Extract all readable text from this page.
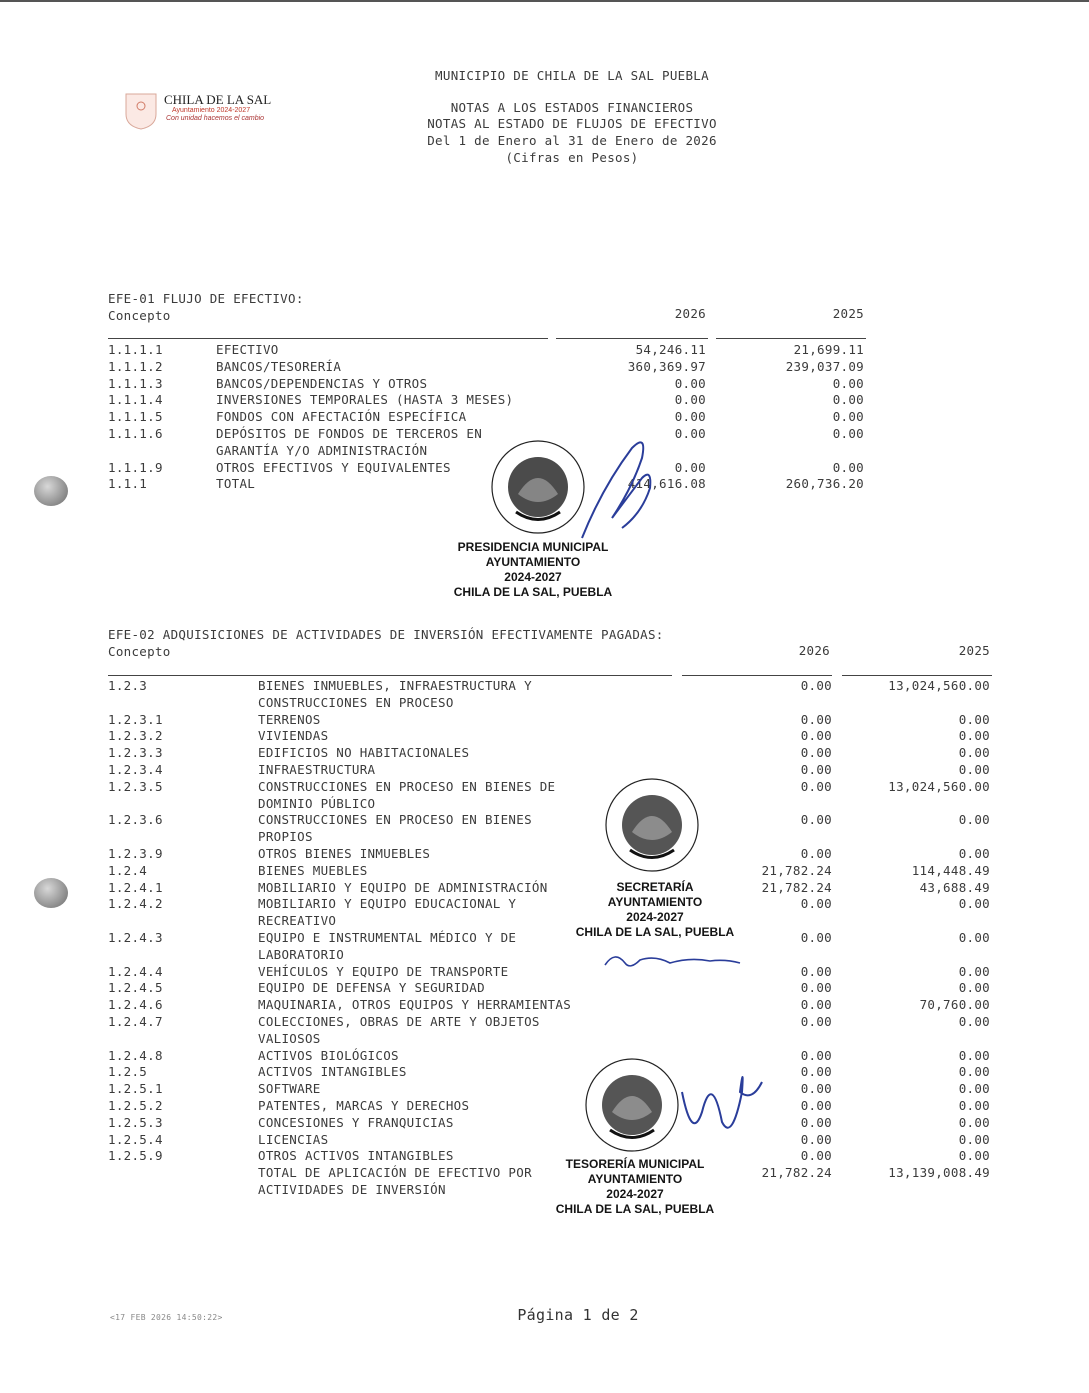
CHILA DE LA SAL
Ayuntamiento 2024-2027
Con unidad hacemos el cambio
MUNICIPIO DE CHILA DE LA SAL PUEBLA
NOTAS A LOS ESTADOS FINANCIEROS
NOTAS AL ESTADO DE FLUJOS DE EFECTIVO
Del 1 de Enero al 31 de Enero de 2026
(Cifras en Pesos)
EFE-01 FLUJO DE EFECTIVO:
Concepto	2026	2025
1.1.1.1	EFECTIVO	54,246.11	21,699.11
1.1.1.2	BANCOS/TESORERÍA	360,369.97	239,037.09
1.1.1.3	BANCOS/DEPENDENCIAS Y OTROS	0.00	0.00
1.1.1.4	INVERSIONES TEMPORALES (HASTA 3 MESES)	0.00	0.00
1.1.1.5	FONDOS CON AFECTACIÓN ESPECÍFICA	0.00	0.00
1.1.1.6	DEPÓSITOS DE FONDOS DE TERCEROS EN	0.00	0.00
GARANTÍA Y/O ADMINISTRACIÓN
1.1.1.9	OTROS EFECTIVOS Y EQUIVALENTES	0.00	0.00
1.1.1	TOTAL	414,616.08	260,736.20
PRESIDENCIA MUNICIPAL
AYUNTAMIENTO
2024-2027
CHILA DE LA SAL, PUEBLA
EFE-02 ADQUISICIONES DE ACTIVIDADES DE INVERSIÓN EFECTIVAMENTE PAGADAS:
Concepto	2026	2025
1.2.3	BIENES INMUEBLES, INFRAESTRUCTURA Y	0.00	13,024,560.00
CONSTRUCCIONES EN PROCESO
1.2.3.1	TERRENOS	0.00	0.00
1.2.3.2	VIVIENDAS	0.00	0.00
1.2.3.3	EDIFICIOS NO HABITACIONALES	0.00	0.00
1.2.3.4	INFRAESTRUCTURA	0.00	0.00
1.2.3.5	CONSTRUCCIONES EN PROCESO EN BIENES DE	0.00	13,024,560.00
DOMINIO PÚBLICO
1.2.3.6	CONSTRUCCIONES EN PROCESO EN BIENES	0.00	0.00
PROPIOS
1.2.3.9	OTROS BIENES INMUEBLES	0.00	0.00
1.2.4	BIENES MUEBLES	21,782.24	114,448.49
1.2.4.1	MOBILIARIO Y EQUIPO DE ADMINISTRACIÓN	21,782.24	43,688.49
1.2.4.2	MOBILIARIO Y EQUIPO EDUCACIONAL Y	0.00	0.00
RECREATIVO
1.2.4.3	EQUIPO E INSTRUMENTAL MÉDICO Y DE	0.00	0.00
LABORATORIO
1.2.4.4	VEHÍCULOS Y EQUIPO DE TRANSPORTE	0.00	0.00
1.2.4.5	EQUIPO DE DEFENSA Y SEGURIDAD	0.00	0.00
1.2.4.6	MAQUINARIA, OTROS EQUIPOS Y HERRAMIENTAS	0.00	70,760.00
1.2.4.7	COLECCIONES, OBRAS DE ARTE Y OBJETOS	0.00	0.00
VALIOSOS
1.2.4.8	ACTIVOS BIOLÓGICOS	0.00	0.00
1.2.5	ACTIVOS INTANGIBLES	0.00	0.00
1.2.5.1	SOFTWARE	0.00	0.00
1.2.5.2	PATENTES, MARCAS Y DERECHOS	0.00	0.00
1.2.5.3	CONCESIONES Y FRANQUICIAS	0.00	0.00
1.2.5.4	LICENCIAS	0.00	0.00
1.2.5.9	OTROS ACTIVOS INTANGIBLES	0.00	0.00
TOTAL DE APLICACIÓN DE EFECTIVO POR	21,782.24	13,139,008.49
ACTIVIDADES DE INVERSIÓN
SECRETARÍA
AYUNTAMIENTO
2024-2027
CHILA DE LA SAL, PUEBLA
TESORERÍA MUNICIPAL
AYUNTAMIENTO
2024-2027
CHILA DE LA SAL, PUEBLA
<17 FEB 2026 14:50:22>	Página 1 de 2
